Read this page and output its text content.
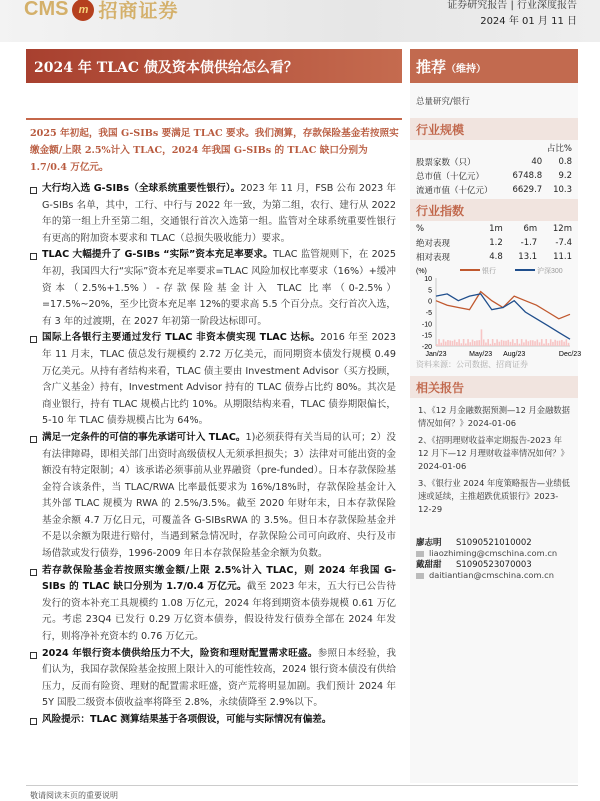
CMS m 招商证券	证券研究报告 | 行业深度报告
2024 年 01 月 11 日
2024 年 TLAC 债及资本债供给怎么看？	推荐（维持）
总量研究/银行
2025 年初起，我国 G-SIBs 要满足 TLAC 要求。我们测算，存款保险基金若按照实缴金额/上限 2.5%计入 TLAC，2024 年我国 G-SIBs 的 TLAC 缺口分别为 1.7/0.4 万亿元。
大行均入选 G-SIBs（全球系统重要性银行）。2023 年 11 月，FSB 公布 2023 年 G-SIBs 名单，其中，工行、中行与 2022 年一致，为第二组，农行、建行从 2022 年的第一组上升至第二组，交通银行首次入选第一组。监管对全球系统重要性银行有更高的附加资本要求和 TLAC（总损失吸收能力）要求。
TLAC 大幅提升了 G-SIBs “实际”资本充足率要求。TLAC 监管规则下，在 2025 年初，我国四大行“实际”资本充足率要求=TLAC 风险加权比率要求（16%）+缓冲资本（2.5%+1.5%）-存款保险基金计入 TLAC 比率（0-2.5%）=17.5%~20%，至少比资本充足率 12%的要求高 5.5 个百分点。交行首次入选，有 3 年的过渡期，在 2027 年初第一阶段达标即可。
国际上各银行主要通过发行 TLAC 非资本债实现 TLAC 达标。2016 年至 2023 年 11 月末，TLAC 债总发行规模约 2.72 万亿美元，而同期资本债发行规模 0.49 万亿美元。从持有者结构来看，TLAC 债主要由 Investment Advisor（买方投顾，含广义基金）持有，Investment Advisor 持有的 TLAC 债券占比约 80%。其次是商业银行，持有 TLAC 规模占比约 10%。从期限结构来看，TLAC 债券期限偏长，5-10 年 TLAC 债券规模占比为 64%。
满足一定条件的可信的事先承诺可计入 TLAC。1)必须获得有关当局的认可；2）没有法律障碍，即相关部门出资时高级债权人无须承担损失；3）法律对可能出资的金额没有特定限制；4）该承诺必须事前从业界融资（pre-funded）。日本存款保险基金符合该条件，当 TLAC/RWA 比率最低要求为 16%/18%时，存款保险基金计入其外部 TLAC 规模为 RWA 的 2.5%/3.5%。截至 2020 年财年末，日本存款保险基金余额 4.7 万亿日元，可覆盖各 G-SIBsRWA 的 3.5%。但日本存款保险基金并不是以余额为限进行赔付，当遇到紧急情况时，存款保险公司可向政府、央行及市场借款或发行债券，1996-2009 年日本存款保险基金余额为负数。
若存款保险基金若按照实缴金额/上限 2.5%计入 TLAC，则 2024 年我国 G-SIBs 的 TLAC 缺口分别为 1.7/0.4 万亿元。截至 2023 年末，五大行已公告待发行的资本补充工具规模约 1.08 万亿元，2024 年将到期资本债券规模 0.61 万亿元。考虑 23Q4 已发行 0.29 万亿资本债券，假设待发行债券全部在 2024 年发行，则将净补充资本约 0.76 万亿元。
2024 年银行资本债供给压力不大，险资和理财配置需求旺盛。参照日本经验，我们认为，我国存款保险基金按照上限计入的可能性较高，2024 银行资本债没有供给压力，反而有险资、理财的配置需求旺盛，资产荒将明显加剧。我们预计 2024 年 5Y 国股二级资本债收益率将降至 2.8%，永续债降至 2.9%以下。
风险提示：TLAC 测算结果基于各项假设，可能与实际情况有偏差。
行业规模
		占比%
股票家数（只）	40	0.8
总市值（十亿元）	6748.8	9.2
流通市值（十亿元）	6629.7	10.3
行业指数
%	1m	6m	12m
绝对表现	1.2	-1.7	-7.4
相对表现	4.8	13.1	11.1
(%)
10
5
0
-5
-10
-15
-20
Jan/23	May/23 Aug/23	Dec/23
银行	沪深300
资料来源：公司数据、招商证券
相关报告
1、《12 月金融数据预测—12 月金融数据情况如何？》2024-01-06
2、《招明理财收益率定期报告-2023 年 12 月下—12 月理财收益率情况如何？》2024-01-06
3、《银行业 2024 年度策略报告—业绩低速或延续，主推超跌优质银行》2023-12-29
廖志明 S1090521010002
liaozhiming@cmschina.com.cn
戴甜甜 S1090523070003
daitiantian@cmschina.com.cn
敬请阅读末页的重要说明
